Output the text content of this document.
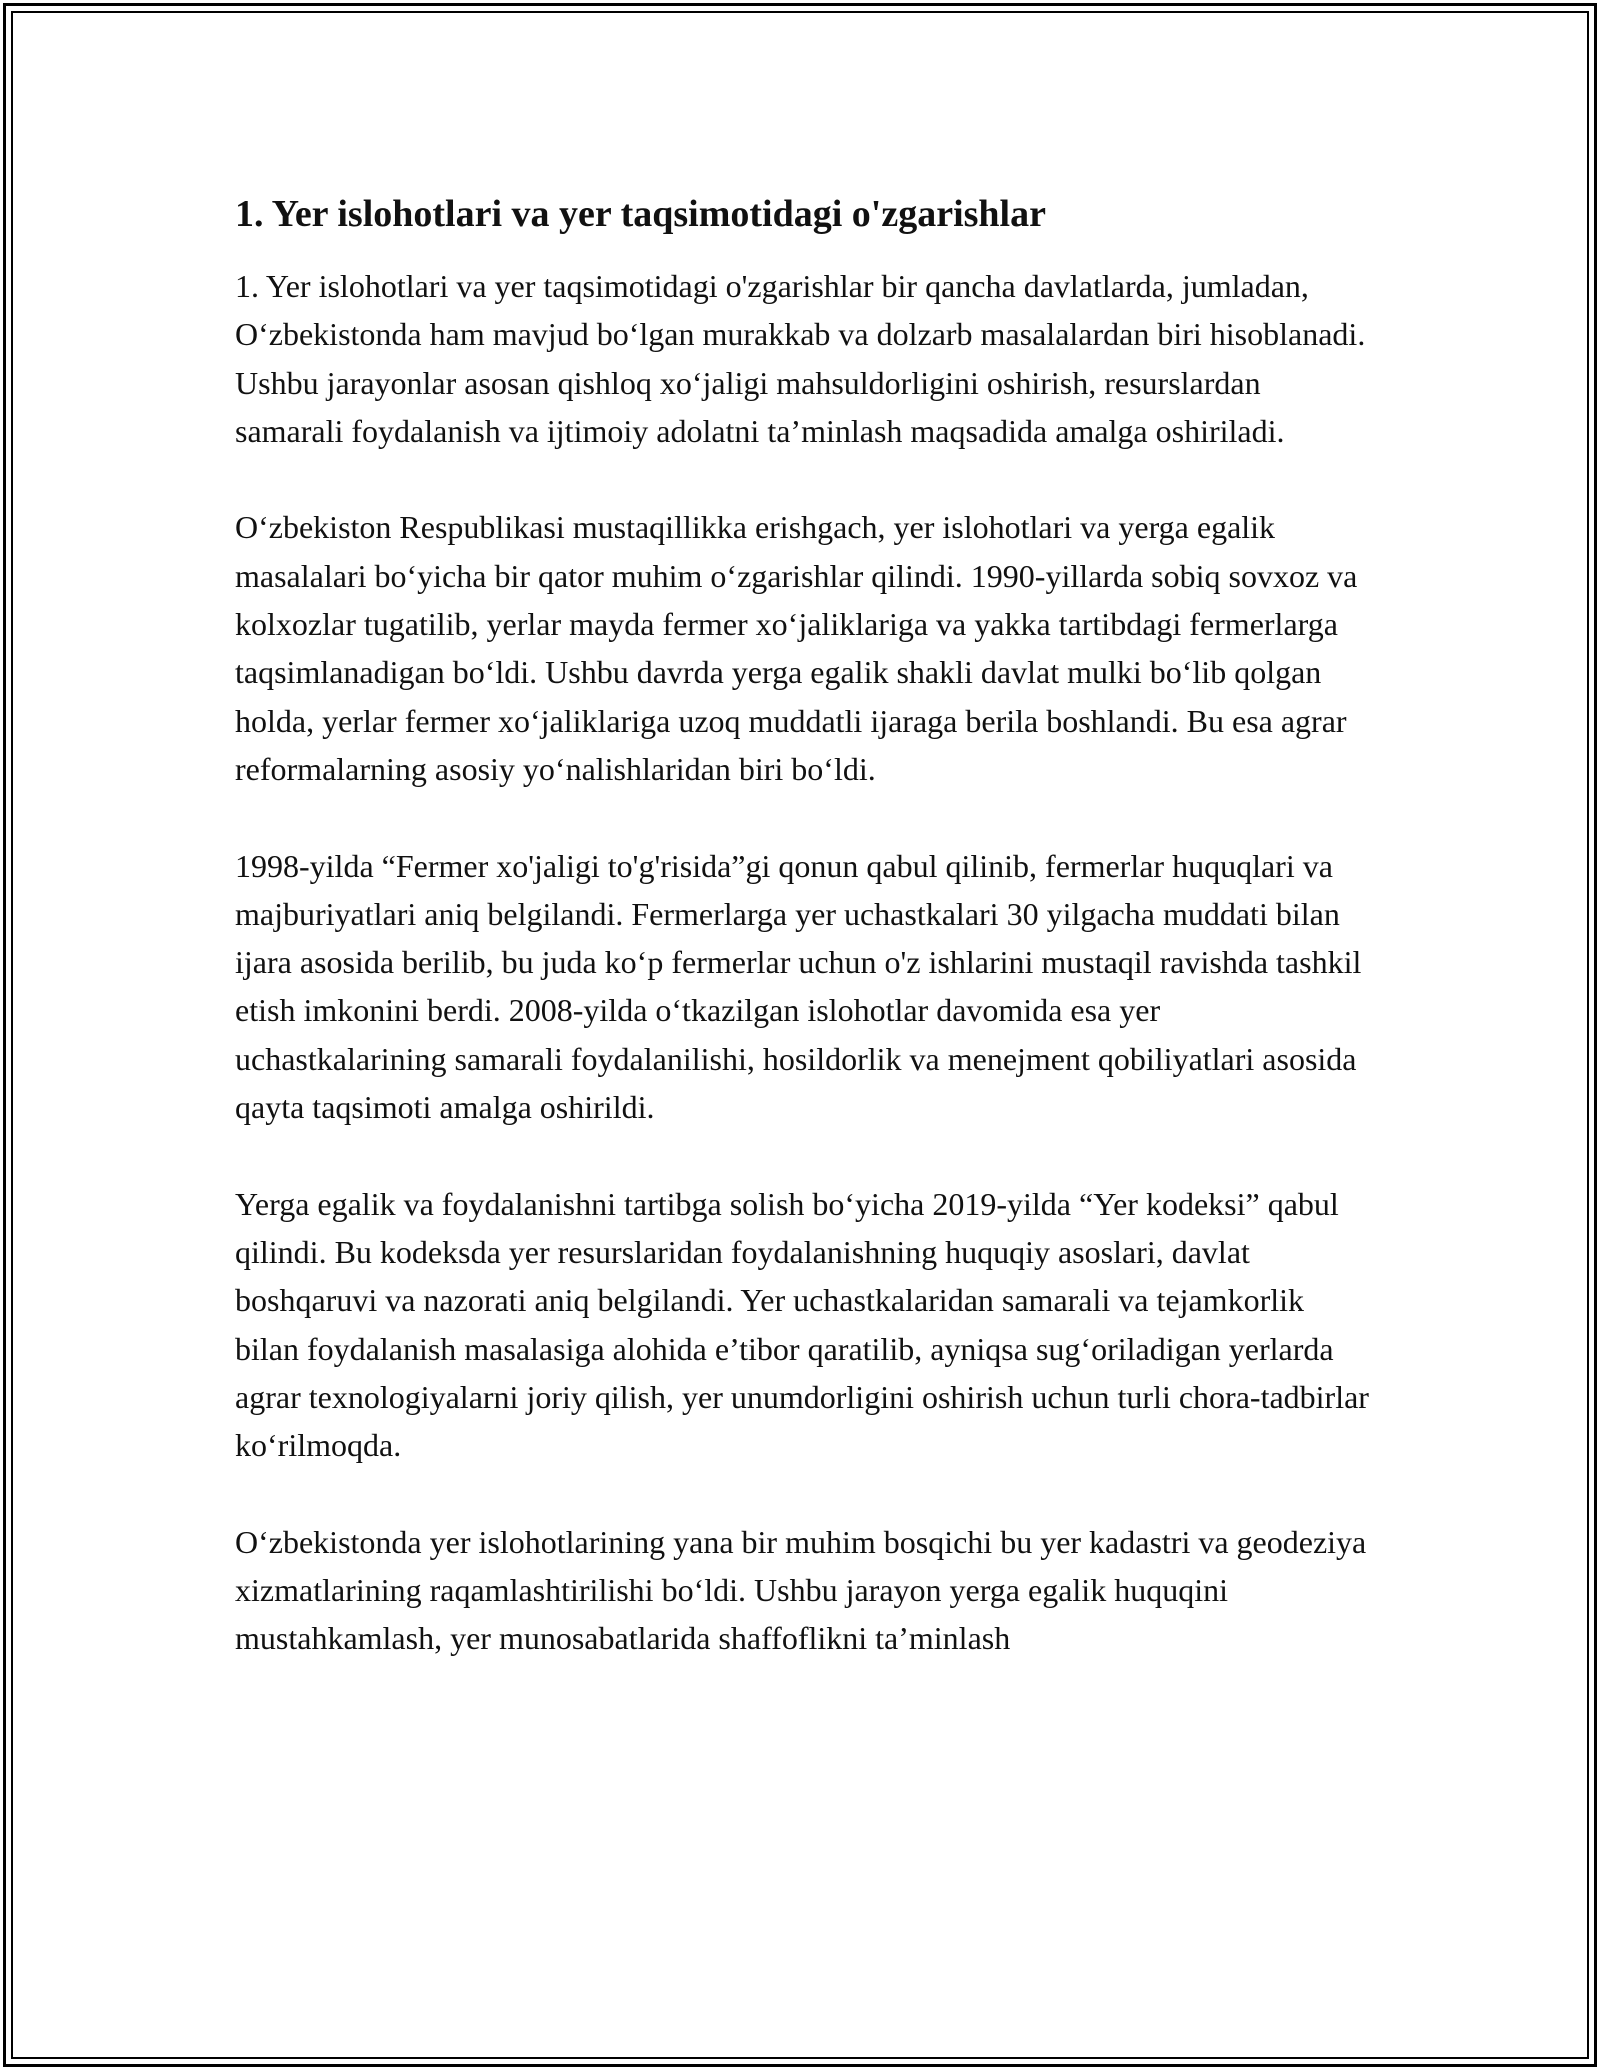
1. Yer islohotlari va yer taqsimotidagi o'zgarishlar

1. Yer islohotlari va yer taqsimotidagi o'zgarishlar bir qancha davlatlarda, jumladan, O‘zbekistonda ham mavjud bo‘lgan murakkab va dolzarb masalalardan biri hisoblanadi. Ushbu jarayonlar asosan qishloq xo‘jaligi mahsuldorligini oshirish, resurslardan samarali foydalanish va ijtimoiy adolatni ta’minlash maqsadida amalga oshiriladi.

O‘zbekiston Respublikasi mustaqillikka erishgach, yer islohotlari va yerga egalik masalalari bo‘yicha bir qator muhim o‘zgarishlar qilindi. 1990-yillarda sobiq sovxoz va kolxozlar tugatilib, yerlar mayda fermer xo‘jaliklariga va yakka tartibdagi fermerlarga taqsimlanadigan bo‘ldi. Ushbu davrda yerga egalik shakli davlat mulki bo‘lib qolgan holda, yerlar fermer xo‘jaliklariga uzoq muddatli ijaraga berila boshlandi. Bu esa agrar reformalarning asosiy yo‘nalishlaridan biri bo‘ldi.

1998-yilda “Fermer xo'jaligi to'g'risida”gi qonun qabul qilinib, fermerlar huquqlari va majburiyatlari aniq belgilandi. Fermerlarga yer uchastkalari 30 yilgacha muddati bilan ijara asosida berilib, bu juda ko‘p fermerlar uchun o'z ishlarini mustaqil ravishda tashkil etish imkonini berdi. 2008-yilda o‘tkazilgan islohotlar davomida esa yer uchastkalarining samarali foydalanilishi, hosildorlik va menejment qobiliyatlari asosida qayta taqsimoti amalga oshirildi.

Yerga egalik va foydalanishni tartibga solish bo‘yicha 2019-yilda “Yer kodeksi” qabul qilindi. Bu kodeksda yer resurslaridan foydalanishning huquqiy asoslari, davlat boshqaruvi va nazorati aniq belgilandi. Yer uchastkalaridan samarali va tejamkorlik bilan foydalanish masalasiga alohida e’tibor qaratilib, ayniqsa sug‘oriladigan yerlarda agrar texnologiyalarni joriy qilish, yer unumdorligini oshirish uchun turli chora-tadbirlar ko‘rilmoqda.

O‘zbekistonda yer islohotlarining yana bir muhim bosqichi bu yer kadastri va geodeziya xizmatlarining raqamlashtirilishi bo‘ldi. Ushbu jarayon yerga egalik huquqini mustahkamlash, yer munosabatlarida shaffoflikni ta’minlash
